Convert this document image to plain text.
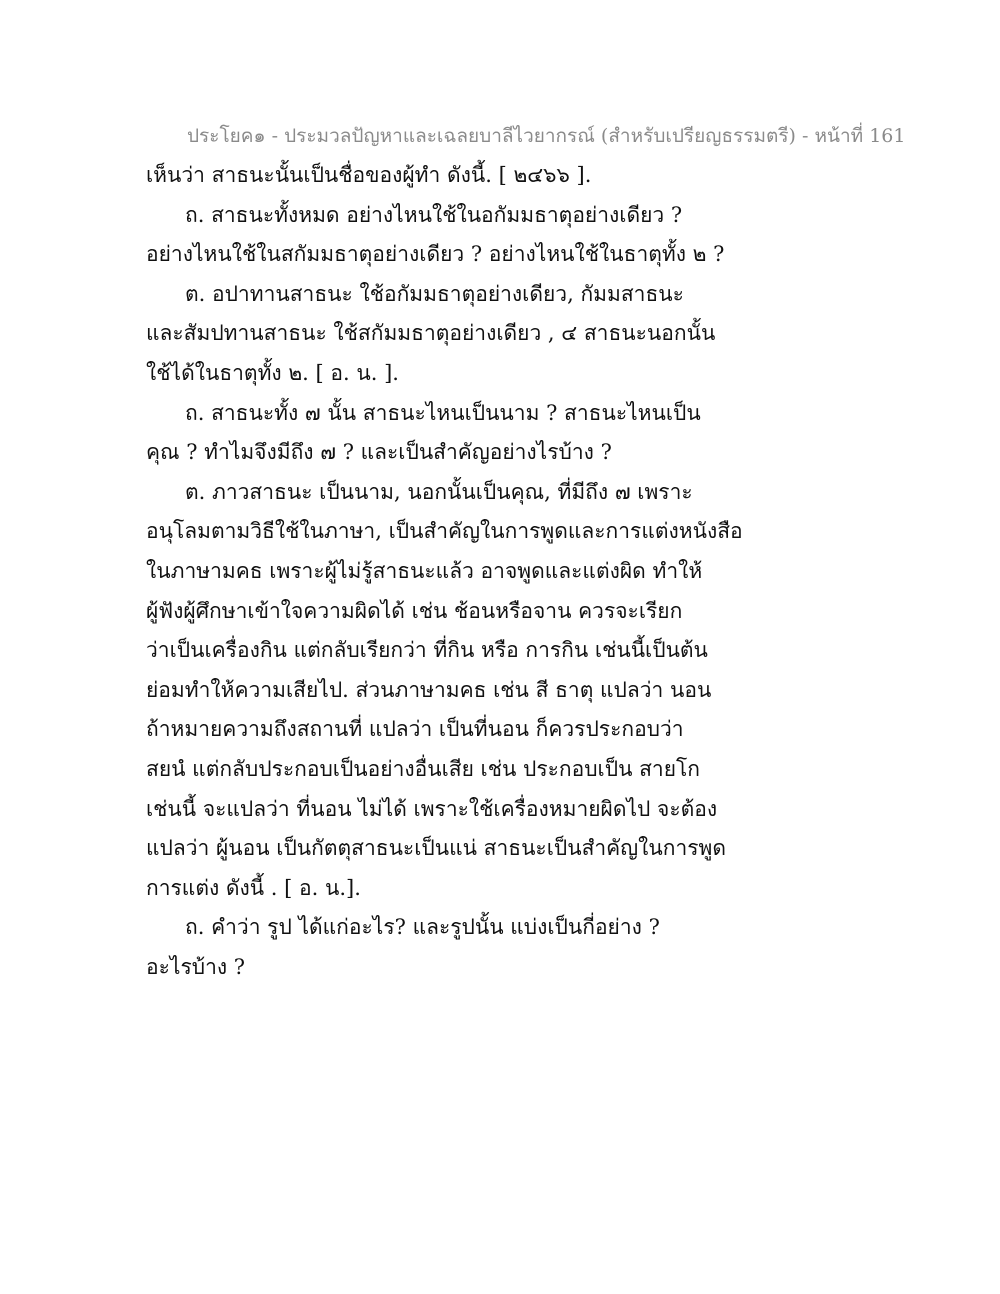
ประโยค๑ - ประมวลปัญหาและเฉลยบาลีไวยากรณ์ (สำหรับเปรียญธรรมตรี) - หน้าที่ 161
เห็นว่า สาธนะนั้นเป็นชื่อของผู้ทำ ดังนี้. [ ๒๔๖๖ ].
ถ. สาธนะทั้งหมด อย่างไหนใช้ในอกัมมธาตุอย่างเดียว ?
อย่างไหนใช้ในสกัมมธาตุอย่างเดียว ? อย่างไหนใช้ในธาตุทั้ง ๒ ?
ต. อปาทานสาธนะ ใช้อกัมมธาตุอย่างเดียว, กัมมสาธนะ
และสัมปทานสาธนะ ใช้สกัมมธาตุอย่างเดียว , ๔ สาธนะนอกนั้น
ใช้ได้ในธาตุทั้ง ๒. [ อ. น. ].
ถ. สาธนะทั้ง ๗ นั้น สาธนะไหนเป็นนาม ? สาธนะไหนเป็น
คุณ ? ทำไมจึงมีถึง ๗ ? และเป็นสำคัญอย่างไรบ้าง ?
ต. ภาวสาธนะ เป็นนาม, นอกนั้นเป็นคุณ, ที่มีถึง ๗ เพราะ
อนุโลมตามวิธีใช้ในภาษา, เป็นสำคัญในการพูดและการแต่งหนังสือ
ในภาษามคธ เพราะผู้ไม่รู้สาธนะแล้ว อาจพูดและแต่งผิด ทำให้
ผู้ฟังผู้ศึกษาเข้าใจความผิดได้ เช่น ช้อนหรือจาน ควรจะเรียก
ว่าเป็นเครื่องกิน แต่กลับเรียกว่า ที่กิน หรือ การกิน เช่นนี้เป็นต้น
ย่อมทำให้ความเสียไป. ส่วนภาษามคธ เช่น สี ธาตุ แปลว่า นอน
ถ้าหมายความถึงสถานที่ แปลว่า เป็นที่นอน ก็ควรประกอบว่า
สยนํ แต่กลับประกอบเป็นอย่างอื่นเสีย เช่น ประกอบเป็น สายโก
เช่นนี้ จะแปลว่า ที่นอน ไม่ได้ เพราะใช้เครื่องหมายผิดไป จะต้อง
แปลว่า ผู้นอน เป็นกัตตุสาธนะเป็นแน่ สาธนะเป็นสำคัญในการพูด
การแต่ง ดังนี้ . [ อ. น.].
ถ. คำว่า รูป ได้แก่อะไร? และรูปนั้น แบ่งเป็นกี่อย่าง ?
อะไรบ้าง ?
